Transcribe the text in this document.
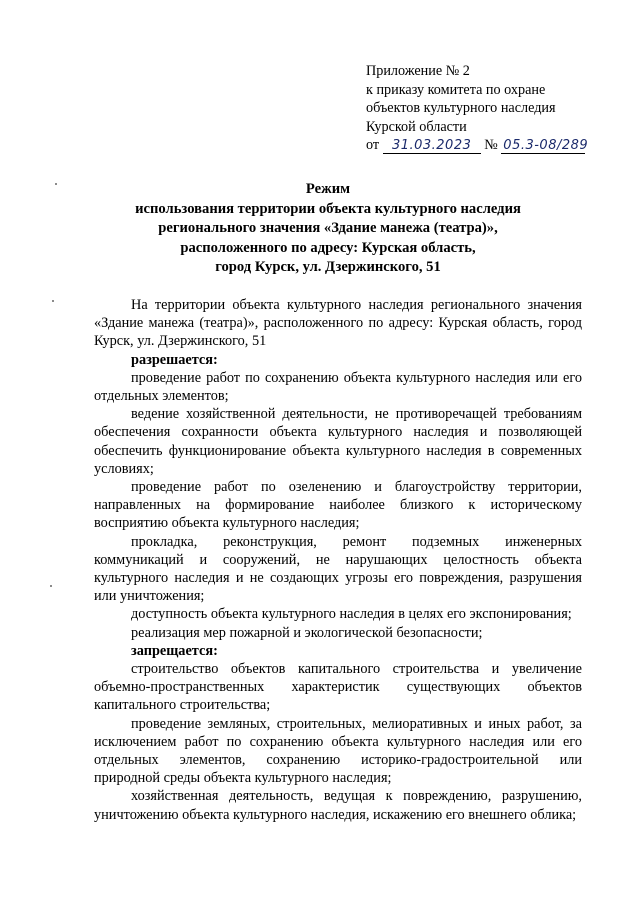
Приложение № 2
к приказу комитета по охране
объектов культурного наследия
Курской области
от 31.03.2023 № 05.3-08/289
Режим
использования территории объекта культурного наследия
регионального значения «Здание манежа (театра)»,
расположенного по адресу: Курская область,
город Курск, ул. Дзержинского, 51

На территории объекта культурного наследия регионального значения «Здание манежа (театра)», расположенного по адресу: Курская область, город Курск, ул. Дзержинского, 51

разрешается:

проведение работ по сохранению объекта культурного наследия или его отдельных элементов;

ведение хозяйственной деятельности, не противоречащей требованиям обеспечения сохранности объекта культурного наследия и позволяющей обеспечить функционирование объекта культурного наследия в современных условиях;

проведение работ по озеленению и благоустройству территории, направленных на формирование наиболее близкого к историческому восприятию объекта культурного наследия;

прокладка, реконструкция, ремонт подземных инженерных коммуникаций и сооружений, не нарушающих целостность объекта культурного наследия и не создающих угрозы его повреждения, разрушения или уничтожения;

доступность объекта культурного наследия в целях его экспонирования;

реализация мер пожарной и экологической безопасности;

запрещается:

строительство объектов капитального строительства и увеличение объемно-пространственных характеристик существующих объектов капитального строительства;

проведение земляных, строительных, мелиоративных и иных работ, за исключением работ по сохранению объекта культурного наследия или его отдельных элементов, сохранению историко-градостроительной или природной среды объекта культурного наследия;

хозяйственная деятельность, ведущая к повреждению, разрушению, уничтожению объекта культурного наследия, искажению его внешнего облика;
